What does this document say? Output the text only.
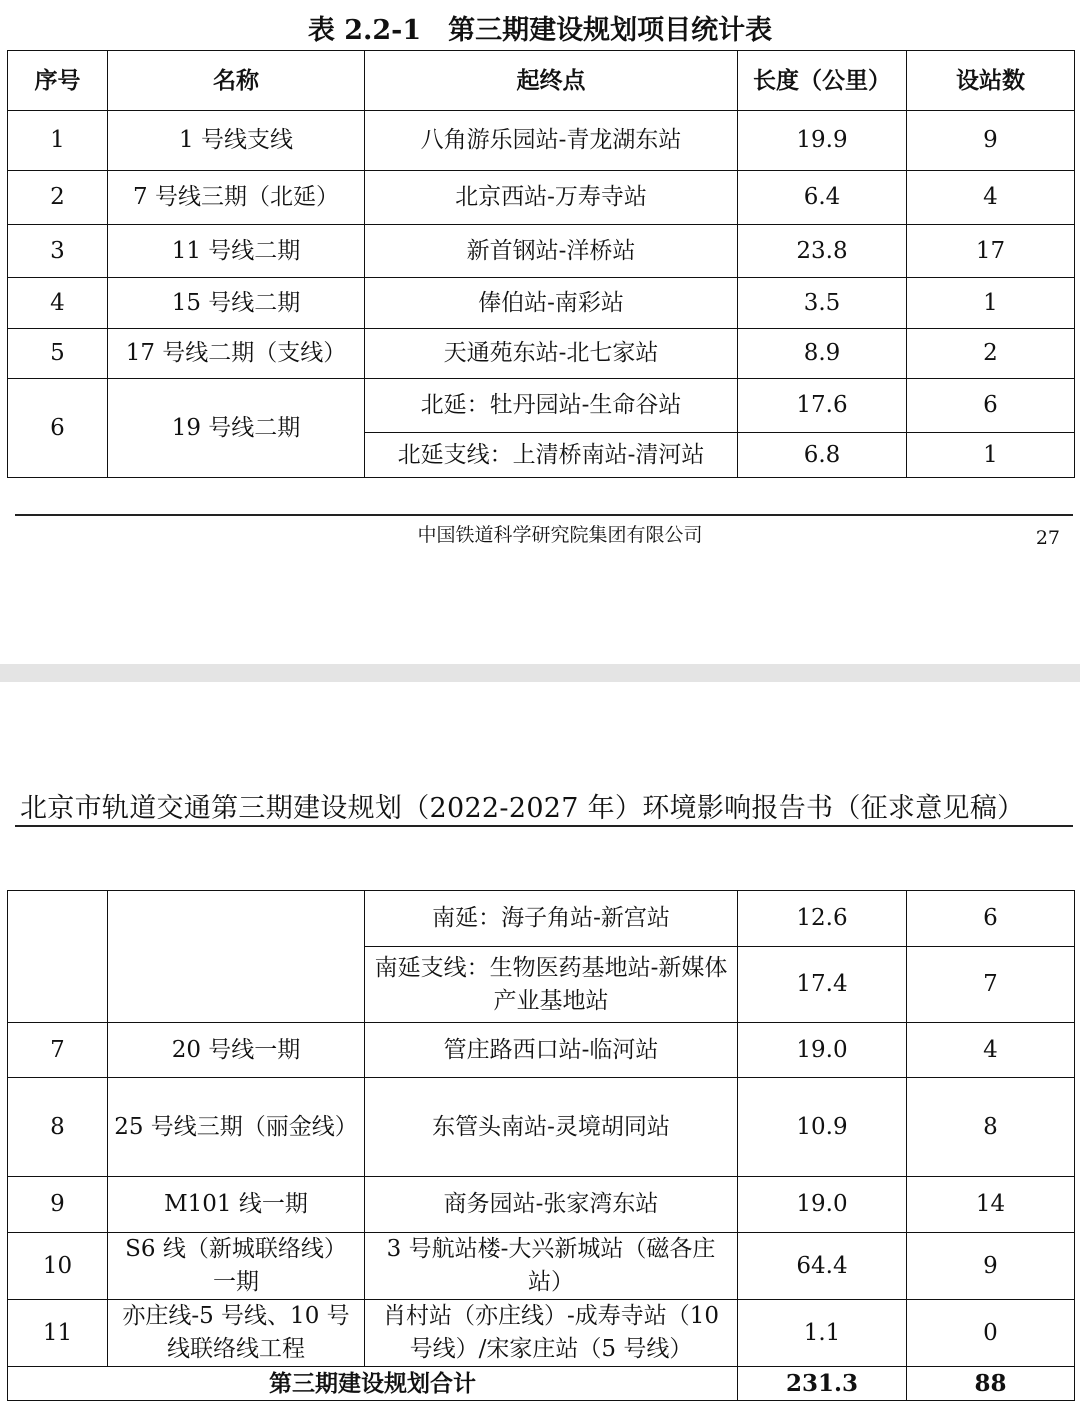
表 2.2-1　第三期建设规划项目统计表
序号	名称	起终点	长度（公里）	设站数
1	1 号线支线	八角游乐园站-青龙湖东站	19.9	9
2	7 号线三期（北延）	北京西站-万寿寺站	6.4	4
3	11 号线二期	新首钢站-洋桥站	23.8	17
4	15 号线二期	俸伯站-南彩站	3.5	1
5	17 号线二期（支线）	天通苑东站-北七家站	8.9	2
6	19 号线二期	北延：牡丹园站-生命谷站	17.6	6
		北延支线：上清桥南站-清河站	6.8	1
中国铁道科学研究院集团有限公司	27
北京市轨道交通第三期建设规划（2022-2027 年）环境影响报告书（征求意见稿）
		南延：海子角站-新宫站	12.6	6
		南延支线：生物医药基地站-新媒体产业基地站	17.4	7
7	20 号线一期	管庄路西口站-临河站	19.0	4
8	25 号线三期（丽金线）	东管头南站-灵境胡同站	10.9	8
9	M101 线一期	商务园站-张家湾东站	19.0	14
10	S6 线（新城联络线）一期	3 号航站楼-大兴新城站（磁各庄站）	64.4	9
11	亦庄线-5 号线、10 号线联络线工程	肖村站（亦庄线）-成寿寺站（10 号线）/宋家庄站（5 号线）	1.1	0
第三期建设规划合计			231.3	88
